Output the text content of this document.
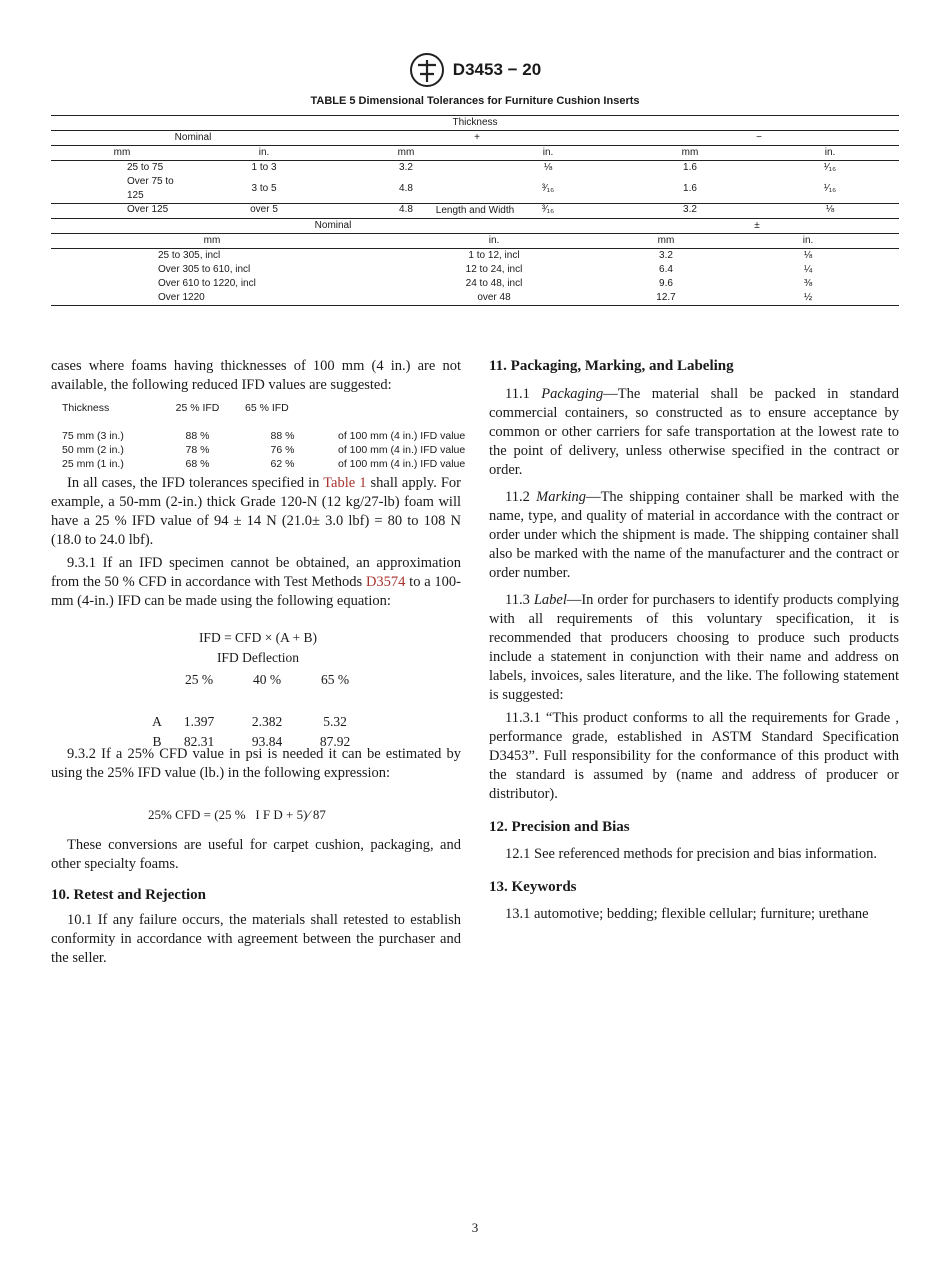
D3453 − 20
TABLE 5 Dimensional Tolerances for Furniture Cushion Inserts
Thickness					
Nominal		+		−	
mm	in.	mm	in.	mm	in.
25 to 75	1 to 3	3.2	⅛	1.6	¹⁄₁₆
Over 75 to 125	3 to 5	4.8	³⁄₁₆	1.6	¹⁄₁₆
Over 125	over 5	4.8	³⁄₁₆	3.2	⅛
Length and Width			
Nominal		±	
mm	in.	mm	in.
25 to 305, incl	1 to 12, incl	3.2	⅛
Over 305 to 610, incl	12 to 24, incl	6.4	¼
Over 610 to 1220, incl	24 to 48, incl	9.6	⅜
Over 1220	over 48	12.7	½

cases where foams having thicknesses of 100 mm (4 in.) are not available, the following reduced IFD values are suggested:

Thickness	25 % IFD	65 % IFD	
75 mm (3 in.)	88 %	88 %	of 100 mm (4 in.) IFD value
50 mm (2 in.)	78 %	76 %	of 100 mm (4 in.) IFD value
25 mm (1 in.)	68 %	62 %	of 100 mm (4 in.) IFD value

In all cases, the IFD tolerances specified in Table 1 shall apply. For example, a 50-mm (2-in.) thick Grade 120-N (12 kg/27-lb) foam will have a 25 % IFD value of 94 ± 14 N (21.0± 3.0 lbf) = 80 to 108 N (18.0 to 24.0 lbf).

9.3.1 If an IFD specimen cannot be obtained, an approximation from the 50 % CFD in accordance with Test Methods D3574 to a 100-mm (4-in.) IFD can be made using the following equation:

IFD = CFD × (A + B)			
IFD Deflection			
	25 %	40 %	65 %

A	1.397	2.382	5.32
B	82.31	93.84	87.92

9.3.2 If a 25% CFD value in psi is needed it can be estimated by using the 25% IFD value (lb.) in the following expression:

25% CFD = (25 %   I F D + 5)⁄ 87

These conversions are useful for carpet cushion, packaging, and other specialty foams.

10. Retest and Rejection

10.1 If any failure occurs, the materials shall retested to establish conformity in accordance with agreement between the purchaser and the seller.

11. Packaging, Marking, and Labeling

11.1 Packaging—The material shall be packed in standard commercial containers, so constructed as to ensure acceptance by common or other carriers for safe transportation at the lowest rate to the point of delivery, unless otherwise specified in the contract or order.

11.2 Marking—The shipping container shall be marked with the name, type, and quality of material in accordance with the contract or order under which the shipment is made. The shipping container shall also be marked with the name of the manufacturer and the contract or order number.

11.3 Label—In order for purchasers to identify products complying with all requirements of this voluntary specification, it is recommended that producers choosing to produce such products include a statement in conjunction with their name and address on labels, invoices, sales literature, and the like. The following statement is suggested:

11.3.1 “This product conforms to all the requirements for Grade , performance grade, established in ASTM Standard Specification D3453”. Full responsibility for the conformance of this product with the standard is assumed by (name and address of producer or distributor).

12. Precision and Bias

12.1 See referenced methods for precision and bias information.

13. Keywords

13.1 automotive; bedding; flexible cellular; furniture; urethane

3
